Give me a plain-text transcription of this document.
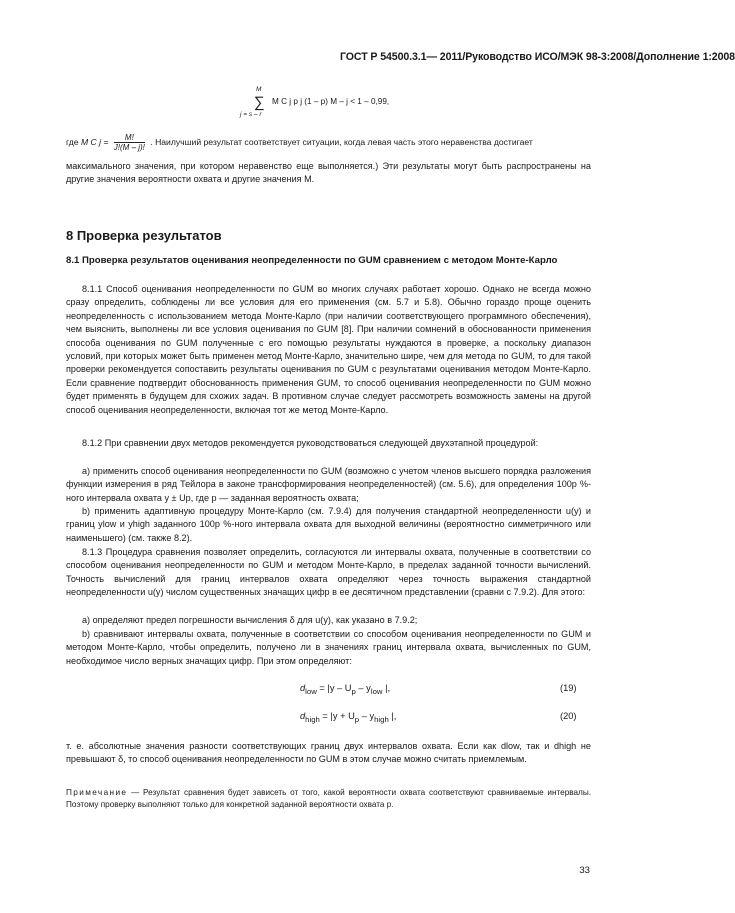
ГОСТ Р 54500.3.1— 2011/Руководство ИСО/МЭК 98-3:2008/Дополнение 1:2008
M
∑
j = s – r
M C j p j (1 – p) M – j < 1 – 0,99,
где M C $j = \frac{M!}{J!(M - j)!}$ . Наилучший результат соответствует ситуации, когда левая часть этого неравенства достигает

максимального значения, при котором неравенство еще выполняется.) Эти результаты могут быть распространены на другие значения вероятности охвата и другие значения M.

8 Проверка результатов
8.1 Проверка результатов оценивания неопределенности по GUM сравнением с методом Монте-Карло

8.1.1 Способ оценивания неопределенности по GUM во многих случаях работает хорошо. Однако не всегда можно сразу определить, соблюдены ли все условия для его применения (см. 5.7 и 5.8). Обычно гораздо проще оценить неопределенность с использованием метода Монте-Карло (при наличии соответствующего программного обеспечения), чем выяснить, выполнены ли все условия оценивания по GUM [8]. При наличии сомнений в обоснованности применения способа оценивания по GUM полученные с его помощью результаты нуждаются в проверке, а поскольку диапазон условий, при которых может быть применен метод Монте-Карло, значительно шире, чем для метода по GUM, то для такой проверки рекомендуется сопоставить результаты оценивания по GUM с результатами оценивания методом Монте-Карло. Если сравнение подтвердит обоснованность применения GUM, то способ оценивания неопределенности по GUM можно будет применять в будущем для схожих задач. В противном случае следует рассмотреть возможность замены на другой способ оценивания неопределенности, включая тот же метод Монте-Карло.

8.1.2 При сравнении двух методов рекомендуется руководствоваться следующей двухэтапной процедурой:

а) применить способ оценивания неопределенности по GUM (возможно с учетом членов высшего порядка разложения функции измерения в ряд Тейлора в законе трансформирования неопределенностей) (см. 5.6), для определения 100p %-ного интервала охвата y ± Up, где p — заданная вероятность охвата;

b) применить адаптивную процедуру Монте-Карло (см. 7.9.4) для получения стандартной неопределенности u(y) и границ ylow и yhigh заданного 100p %-ного интервала охвата для выходной величины (вероятностно симметричного или наименьшего) (см. также 8.2).

8.1.3 Процедура сравнения позволяет определить, согласуются ли интервалы охвата, полученные в соответствии со способом оценивания неопределенности по GUM и методом Монте-Карло, в пределах заданной точности вычислений. Точность вычислений для границ интервалов охвата определяют через точность выражения стандартной неопределенности u(y) числом существенных значащих цифр в ее десятичном представлении (сравни с 7.9.2). Для этого:

а) определяют предел погрешности вычисления δ для u(y), как указано в 7.9.2;

b) сравнивают интервалы охвата, полученные в соответствии со способом оценивания неопределенности по GUM и методом Монте-Карло, чтобы определить, получено ли в значениях границ интервала охвата, вычисленных по GUM, необходимое число верных значащих цифр. При этом определяют:

$d_{low} = |y - U_p - y_{low}$ |,	(19)
$d_{high} = |y + U_p - y_{high}$ |,	(20)

т. е. абсолютные значения разности соответствующих границ двух интервалов охвата. Если как dlow, так и dhigh не превышают δ, то способ оценивания неопределенности по GUM в этом случае можно считать приемлемым.

Примечание — Результат сравнения будет зависеть от того, какой вероятности охвата соответствуют сравниваемые интервалы. Поэтому проверку выполняют только для конкретной заданной вероятности охвата p.

33
